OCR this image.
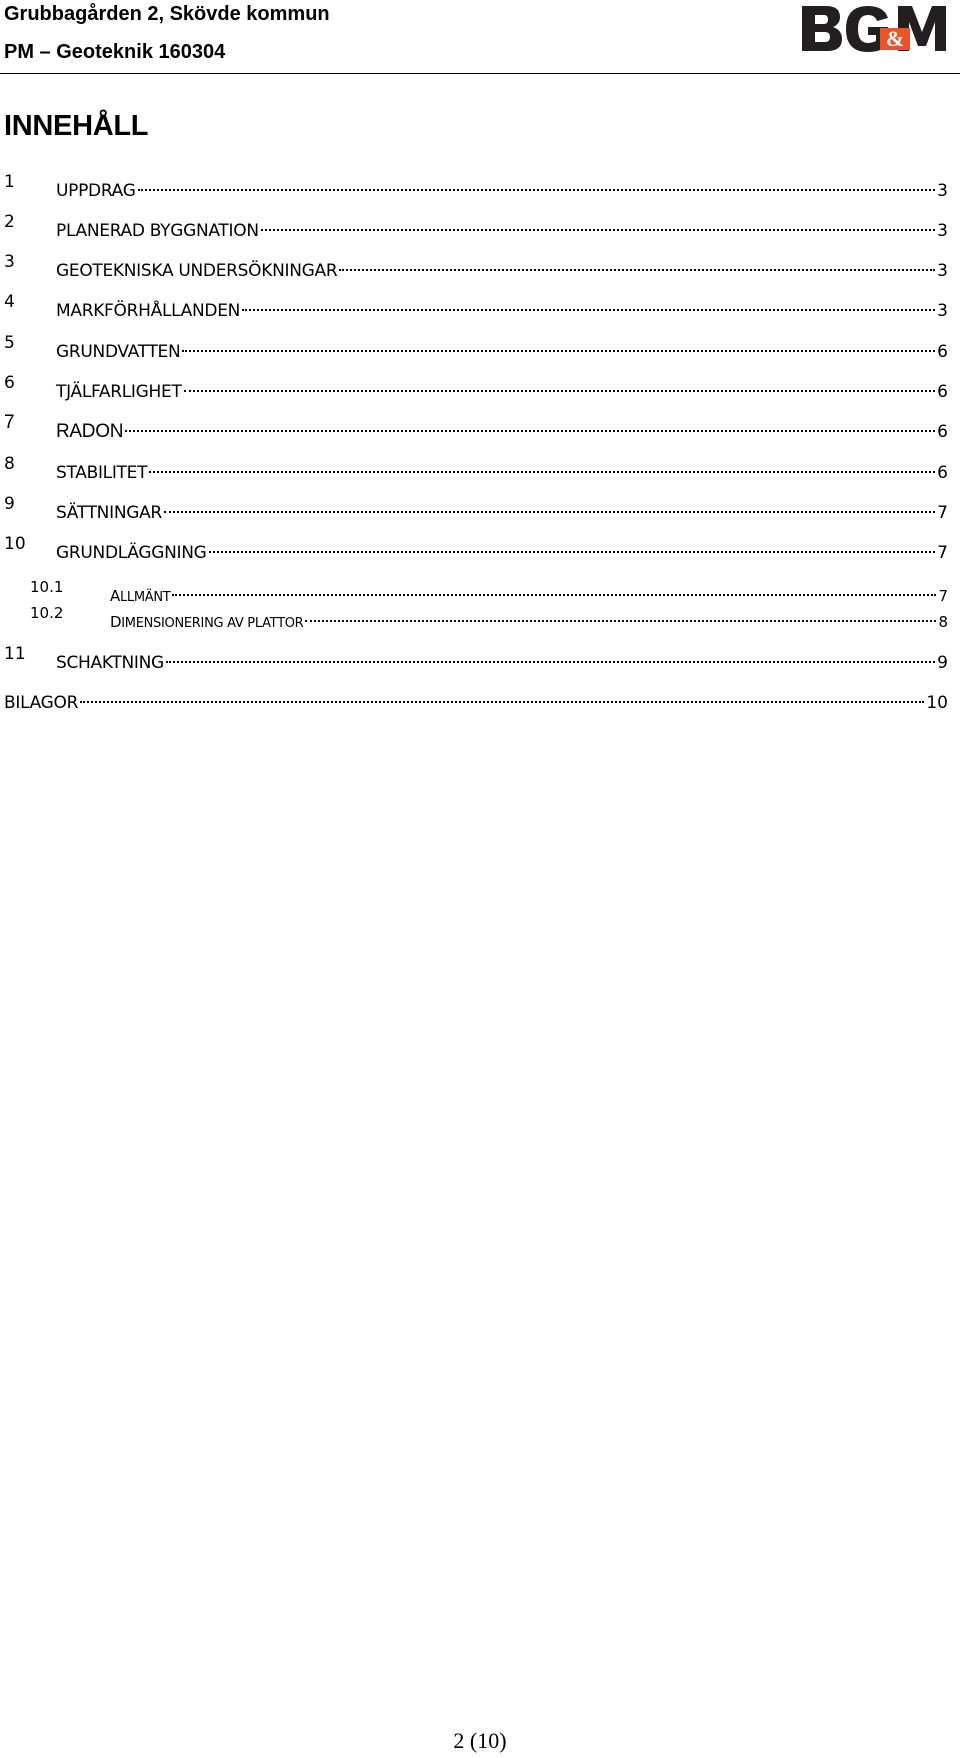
Grubbagården 2, Skövde kommun
PM – Geoteknik 160304
&
INNEHÅLL
1 UPPDRAG	3
2 PLANERAD BYGGNATION	3
3 GEOTEKNISKA UNDERSÖKNINGAR	3
4 MARKFÖRHÅLLANDEN	3
5 GRUNDVATTEN	6
6 TJÄLFARLIGHET	6
7 RADON	6
8 STABILITET	6
9 SÄTTNINGAR	7
10 GRUNDLÄGGNING	7
10.1	ALLMÄNT	7
10.2	DIMENSIONERING AV PLATTOR	8
11 SCHAKTNING	9
BILAGOR	10
2 (10)
